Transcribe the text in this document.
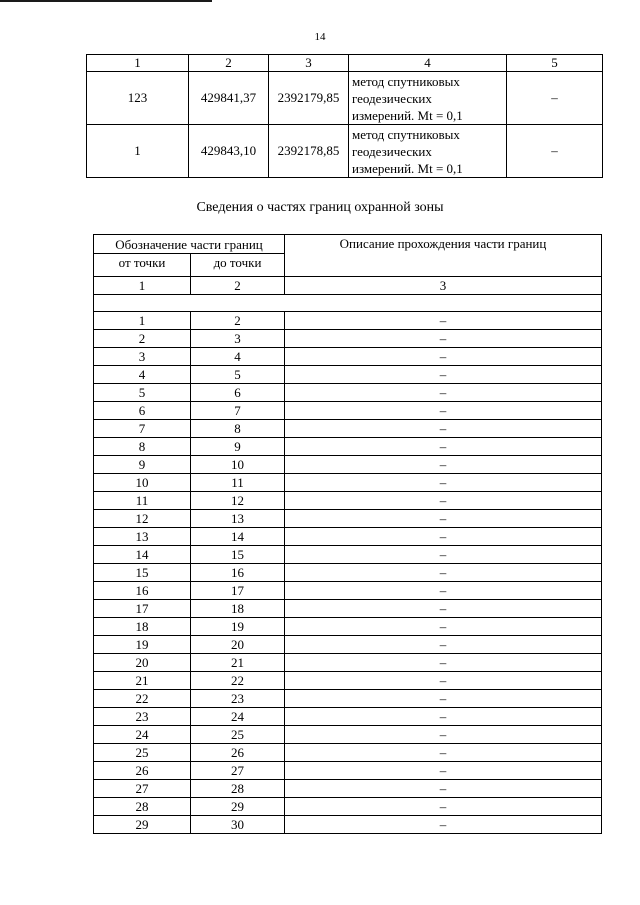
14
1	2	3	4	5
123	429841,37	2392179,85	метод спутниковых
геодезических
измерений. Mt = 0,1	–
1	429843,10	2392178,85	метод спутниковых
геодезических
измерений. Mt = 0,1	–
Сведения о частях границ охранной зоны
Обозначение части границ		Описание прохождения части границ
от точки	до точки	
1	2	3

1	2	–
2	3	–
3	4	–
4	5	–
5	6	–
6	7	–
7	8	–
8	9	–
9	10	–
10	11	–
11	12	–
12	13	–
13	14	–
14	15	–
15	16	–
16	17	–
17	18	–
18	19	–
19	20	–
20	21	–
21	22	–
22	23	–
23	24	–
24	25	–
25	26	–
26	27	–
27	28	–
28	29	–
29	30	–
